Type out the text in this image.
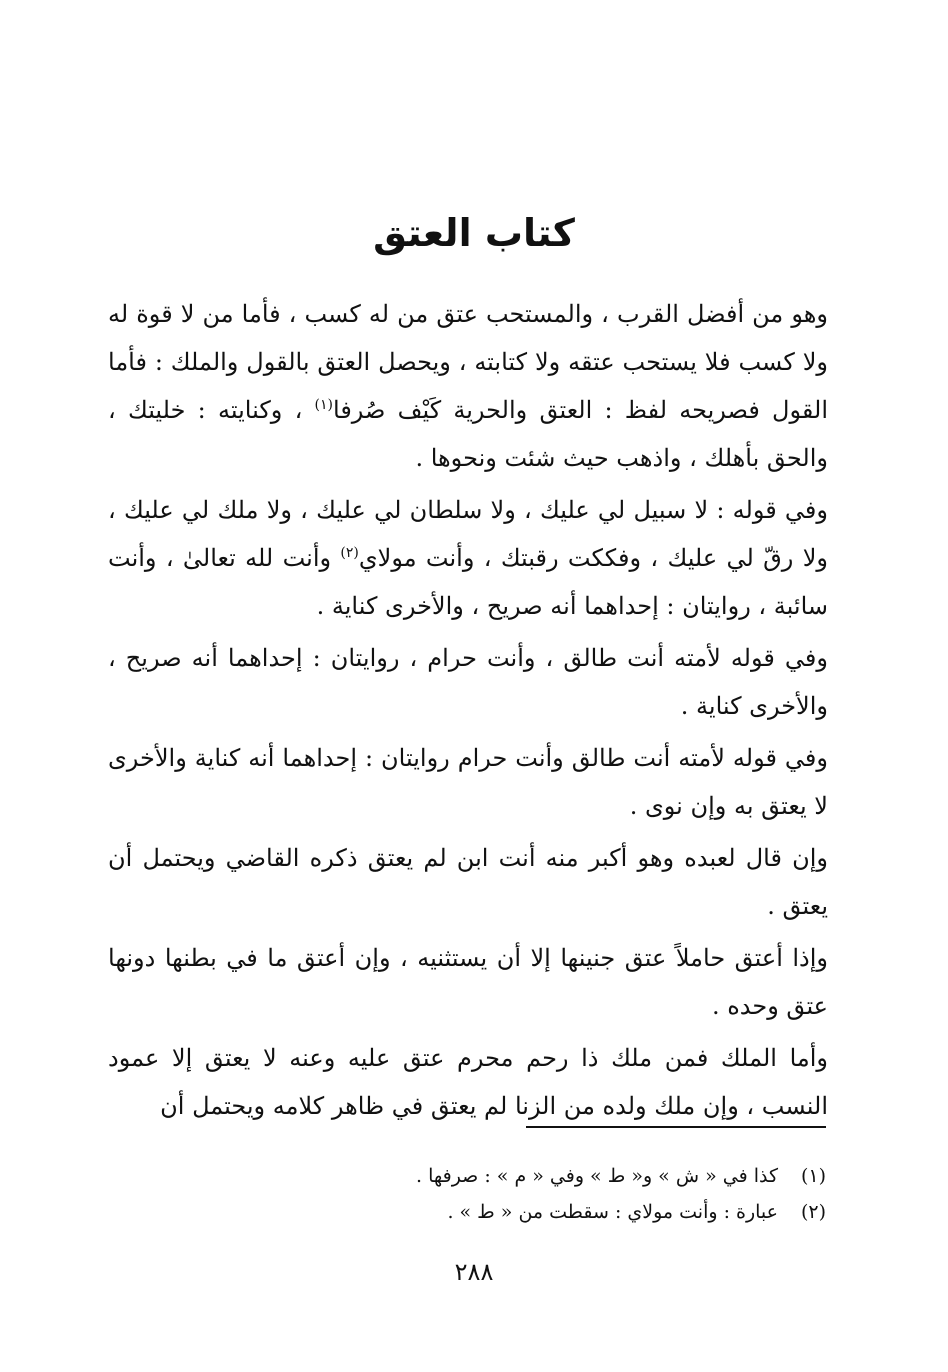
كتاب العتق

وهو من أفضل القرب ، والمستحب عتق من له كسب ، فأما من لا قوة له ولا كسب فلا يستحب عتقه ولا كتابته ، ويحصل العتق بالقول والملك : فأما القول فصريحه لفظ : العتق والحرية كَيْف صُرفا$^{(١)}$ ، وكنايته : خليتك ، والحق بأهلك ، واذهب حيث شئت ونحوها .

وفي قوله : لا سبيل لي عليك ، ولا سلطان لي عليك ، ولا ملك لي عليك ، ولا رقّ لي عليك ، وفككت رقبتك ، وأنت مولاي$^{(٢)}$ وأنت لله تعالىٰ ، وأنت سائبة ، روايتان : إحداهما أنه صريح ، والأخرى كناية .

وفي قوله لأمته أنت طالق ، وأنت حرام ، روايتان : إحداهما أنه صريح ، والأخرى كناية .

وفي قوله لأمته أنت طالق وأنت حرام روايتان : إحداهما أنه كناية والأخرى لا يعتق به وإن نوى .

وإن قال لعبده وهو أكبر منه أنت ابن لم يعتق ذكره القاضي ويحتمل أن يعتق .

وإذا أعتق حاملاً عتق جنينها إلا أن يستثنيه ، وإن أعتق ما في بطنها دونها عتق وحده .

وأما الملك فمن ملك ذا رحم محرم عتق عليه وعنه لا يعتق إلا عمود النسب ، وإن ملك ولده من الزنا لم يعتق في ظاهر كلامه ويحتمل أن

(١)
كذا في « ش » و« ط » وفي « م » : صرفها .
(٢)
عبارة : وأنت مولاي : سقطت من « ط » .
٢٨٨
